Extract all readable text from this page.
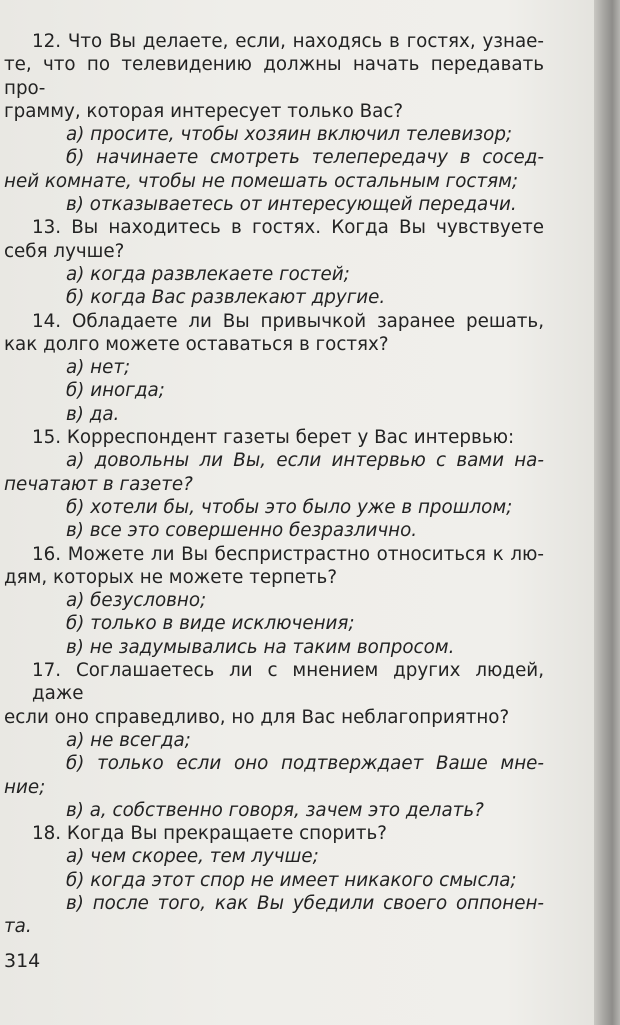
12. Что Вы делаете, если, находясь в гостях, узнае-
те, что по телевидению должны начать передавать про-
грамму, которая интересует только Вас?
а) просите, чтобы хозяин включил телевизор;
б) начинаете смотреть телепередачу в сосед-
ней комнате, чтобы не помешать остальным гостям;
в) отказываетесь от интересующей передачи.
13. Вы находитесь в гостях. Когда Вы чувствуете
себя лучше?
а) когда развлекаете гостей;
б) когда Вас развлекают другие.
14. Обладаете ли Вы привычкой заранее решать,
как долго можете оставаться в гостях?
а) нет;
б) иногда;
в) да.
15. Корреспондент газеты берет у Вас интервью:
а) довольны ли Вы, если интервью с вами на-
печатают в газете?
б) хотели бы, чтобы это было уже в прошлом;
в) все это совершенно безразлично.
16. Можете ли Вы беспристрастно относиться к лю-
дям, которых не можете терпеть?
а) безусловно;
б) только в виде исключения;
в) не задумывались на таким вопросом.
17. Соглашаетесь ли с мнением других людей, даже
если оно справедливо, но для Вас неблагоприятно?
а) не всегда;
б) только если оно подтверждает Ваше мне-
ние;
в) а, собственно говоря, зачем это делать?
18. Когда Вы прекращаете спорить?
а) чем скорее, тем лучше;
б) когда этот спор не имеет никакого смысла;
в) после того, как Вы убедили своего оппонен-
та.
314
